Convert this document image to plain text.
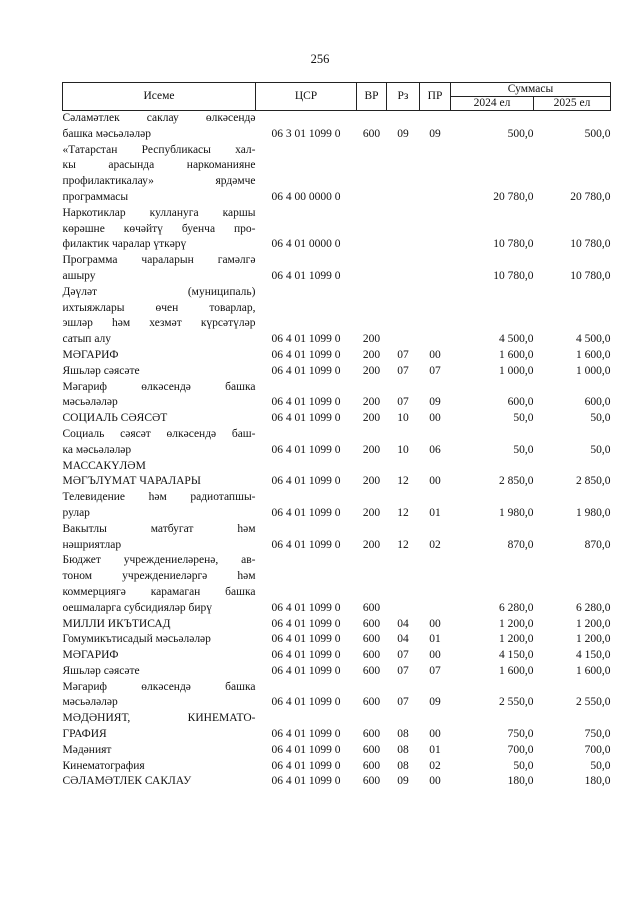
256
Исеме	ЦСР	ВР	Рз	ПР	Суммасы	
					2024 ел	2025 ел

Сәламәтлек саклау өлкәсендә
башка мәсьәләләр	06 3 01 1099 0	600	09	09	500,0	500,0

«Татарстан Республикасы хал-
кы арасында наркоманияне
профилактикалау» ярдәмче
программасы	06 4 00 0000 0				20 780,0	20 780,0

Наркотиклар куллануга каршы
көрәшне көчәйтү буенча про-
филактик чаралар үткәрү	06 4 01 0000 0				10 780,0	10 780,0

Программа чараларын гамәлгә
ашыру	06 4 01 1099 0				10 780,0	10 780,0

Дәүләт (муниципаль)
ихтыяжлары өчен товарлар,
эшләр һәм хезмәт күрсәтүләр
сатып алу	06 4 01 1099 0	200			4 500,0	4 500,0

МӘГАРИФ	06 4 01 1099 0	200	07	00	1 600,0	1 600,0

Яшьләр сәясәте	06 4 01 1099 0	200	07	07	1 000,0	1 000,0

Мәгариф өлкәсендә башка
мәсьәләләр	06 4 01 1099 0	200	07	09	600,0	600,0

СОЦИАЛЬ СӘЯСӘТ	06 4 01 1099 0	200	10	00	50,0	50,0

Социаль сәясәт өлкәсендә баш-
ка мәсьәләләр	06 4 01 1099 0	200	10	06	50,0	50,0

МАССАКҮЛӘМ
МӘГЪЛҮМАТ ЧАРАЛАРЫ	06 4 01 1099 0	200	12	00	2 850,0	2 850,0

Телевидение һәм радиотапшы-
рулар	06 4 01 1099 0	200	12	01	1 980,0	1 980,0

Вакытлы матбугат һәм
нәшриятлар	06 4 01 1099 0	200	12	02	870,0	870,0

Бюджет учреждениеләренә, ав-
тоном учреждениеләргә һәм
коммерциягә карамаган башка
оешмаларга субсидияләр бирү	06 4 01 1099 0	600			6 280,0	6 280,0

МИЛЛИ ИКЪТИСАД	06 4 01 1099 0	600	04	00	1 200,0	1 200,0

Гомумикътисадый мәсьәләләр	06 4 01 1099 0	600	04	01	1 200,0	1 200,0

МӘГАРИФ	06 4 01 1099 0	600	07	00	4 150,0	4 150,0

Яшьләр сәясәте	06 4 01 1099 0	600	07	07	1 600,0	1 600,0

Мәгариф өлкәсендә башка
мәсьәләләр	06 4 01 1099 0	600	07	09	2 550,0	2 550,0

МӘДӘНИЯТ, КИНЕМАТО-
ГРАФИЯ	06 4 01 1099 0	600	08	00	750,0	750,0

Мәдәният	06 4 01 1099 0	600	08	01	700,0	700,0

Кинематография	06 4 01 1099 0	600	08	02	50,0	50,0

СӘЛАМӘТЛЕК САКЛАУ	06 4 01 1099 0	600	09	00	180,0	180,0
